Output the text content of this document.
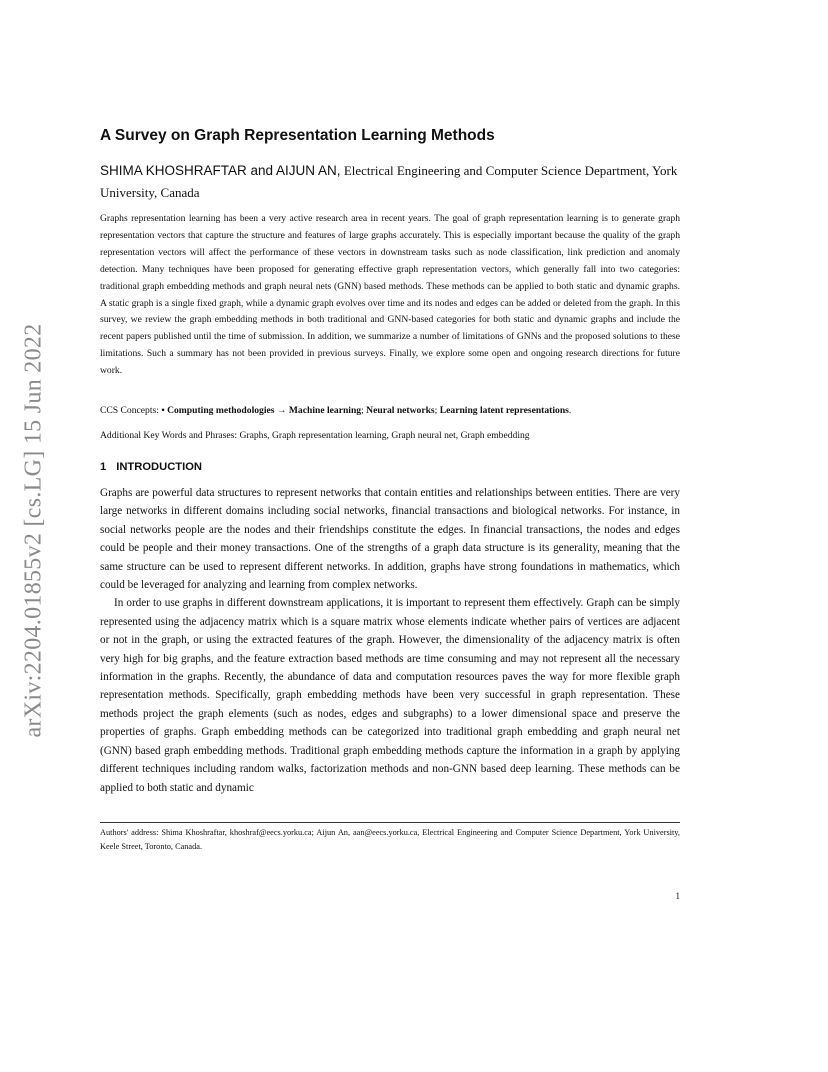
arXiv:2204.01855v2 [cs.LG] 15 Jun 2022
A Survey on Graph Representation Learning Methods
SHIMA KHOSHRAFTAR and AIJUN AN, Electrical Engineering and Computer Science Department, York University, Canada

Graphs representation learning has been a very active research area in recent years. The goal of graph representation learning is to generate graph representation vectors that capture the structure and features of large graphs accurately. This is especially important because the quality of the graph representation vectors will affect the performance of these vectors in downstream tasks such as node classification, link prediction and anomaly detection. Many techniques have been proposed for generating effective graph representation vectors, which generally fall into two categories: traditional graph embedding methods and graph neural nets (GNN) based methods. These methods can be applied to both static and dynamic graphs. A static graph is a single fixed graph, while a dynamic graph evolves over time and its nodes and edges can be added or deleted from the graph. In this survey, we review the graph embedding methods in both traditional and GNN-based categories for both static and dynamic graphs and include the recent papers published until the time of submission. In addition, we summarize a number of limitations of GNNs and the proposed solutions to these limitations. Such a summary has not been provided in previous surveys. Finally, we explore some open and ongoing research directions for future work.

CCS Concepts: • Computing methodologies → Machine learning; Neural networks; Learning latent representations.
Additional Key Words and Phrases: Graphs, Graph representation learning, Graph neural net, Graph embedding
1 INTRODUCTION

Graphs are powerful data structures to represent networks that contain entities and relationships between entities. There are very large networks in different domains including social networks, financial transactions and biological networks. For instance, in social networks people are the nodes and their friendships constitute the edges. In financial transactions, the nodes and edges could be people and their money transactions. One of the strengths of a graph data structure is its generality, meaning that the same structure can be used to represent different networks. In addition, graphs have strong foundations in mathematics, which could be leveraged for analyzing and learning from complex networks.

In order to use graphs in different downstream applications, it is important to represent them effectively. Graph can be simply represented using the adjacency matrix which is a square matrix whose elements indicate whether pairs of vertices are adjacent or not in the graph, or using the extracted features of the graph. However, the dimensionality of the adjacency matrix is often very high for big graphs, and the feature extraction based methods are time consuming and may not represent all the necessary information in the graphs. Recently, the abundance of data and computation resources paves the way for more flexible graph representation methods. Specifically, graph embedding methods have been very successful in graph representation. These methods project the graph elements (such as nodes, edges and subgraphs) to a lower dimensional space and preserve the properties of graphs. Graph embedding methods can be categorized into traditional graph embedding and graph neural net (GNN) based graph embedding methods. Traditional graph embedding methods capture the information in a graph by applying different techniques including random walks, factorization methods and non-GNN based deep learning. These methods can be applied to both static and dynamic

Authors' address: Shima Khoshraftar, khoshraf@eecs.yorku.ca; Aijun An, aan@eecs.yorku.ca, Electrical Engineering and Computer Science Department, York University, Keele Street, Toronto, Canada.
1
